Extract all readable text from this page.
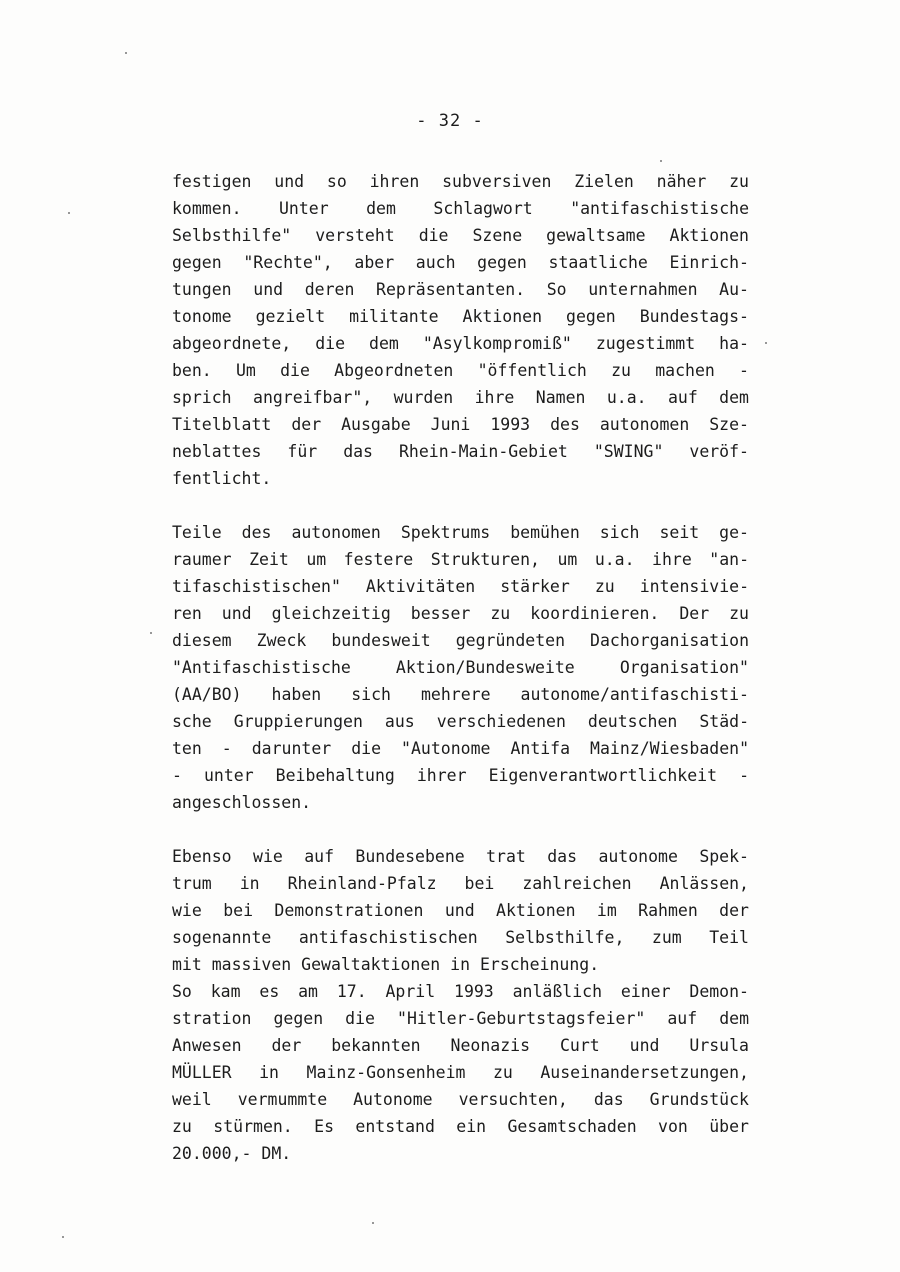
- 32 -
festigen und so ihren subversiven Zielen näher zu
kommen. Unter dem Schlagwort "antifaschistische
Selbsthilfe" versteht die Szene gewaltsame Aktionen
gegen "Rechte", aber auch gegen staatliche Einrich-
tungen und deren Repräsentanten. So unternahmen Au-
tonome gezielt militante Aktionen gegen Bundestags-
abgeordnete, die dem "Asylkompromiß" zugestimmt ha-
ben. Um die Abgeordneten "öffentlich zu machen -
sprich angreifbar", wurden ihre Namen u.a. auf dem
Titelblatt der Ausgabe Juni 1993 des autonomen Sze-
neblattes für das Rhein-Main-Gebiet "SWING" veröf-
fentlicht.
Teile des autonomen Spektrums bemühen sich seit ge-
raumer Zeit um festere Strukturen, um u.a. ihre "an-
tifaschistischen" Aktivitäten stärker zu intensivie-
ren und gleichzeitig besser zu koordinieren. Der zu
diesem Zweck bundesweit gegründeten Dachorganisation
"Antifaschistische Aktion/Bundesweite Organisation"
(AA/BO) haben sich mehrere autonome/antifaschisti-
sche Gruppierungen aus verschiedenen deutschen Städ-
ten - darunter die "Autonome Antifa Mainz/Wiesbaden"
- unter Beibehaltung ihrer Eigenverantwortlichkeit -
angeschlossen.
Ebenso wie auf Bundesebene trat das autonome Spek-
trum in Rheinland-Pfalz bei zahlreichen Anlässen,
wie bei Demonstrationen und Aktionen im Rahmen der
sogenannte antifaschistischen Selbsthilfe, zum Teil
mit massiven Gewaltaktionen in Erscheinung.
So kam es am 17. April 1993 anläßlich einer Demon-
stration gegen die "Hitler-Geburtstagsfeier" auf dem
Anwesen der bekannten Neonazis Curt und Ursula
MÜLLER in Mainz-Gonsenheim zu Auseinandersetzungen,
weil vermummte Autonome versuchten, das Grundstück
zu stürmen. Es entstand ein Gesamtschaden von über
20.000,- DM.
